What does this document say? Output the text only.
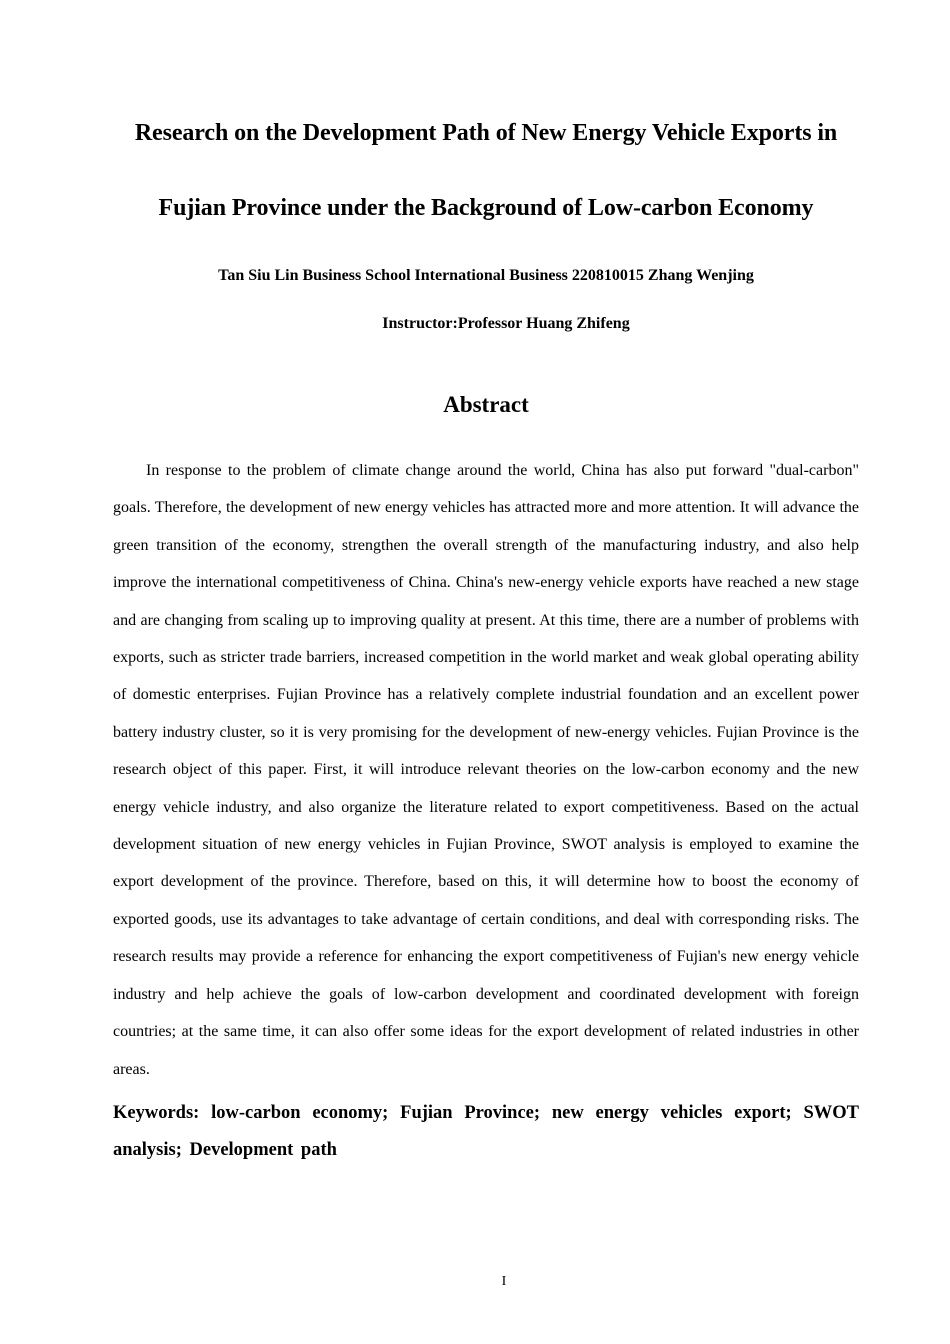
Research on the Development Path of New Energy Vehicle Exports in
Fujian Province under the Background of Low-carbon Economy

Tan Siu Lin Business School International Business 220810015 Zhang Wenjing

Instructor:Professor Huang Zhifeng

Abstract

In response to the problem of climate change around the world, China has also put forward "dual-carbon" goals. Therefore, the development of new energy vehicles has attracted more and more attention. It will advance the green transition of the economy, strengthen the overall strength of the manufacturing industry, and also help improve the international competitiveness of China. China's new-energy vehicle exports have reached a new stage and are changing from scaling up to improving quality at present. At this time, there are a number of problems with exports, such as stricter trade barriers, increased competition in the world market and weak global operating ability of domestic enterprises. Fujian Province has a relatively complete industrial foundation and an excellent power battery industry cluster, so it is very promising for the development of new-energy vehicles. Fujian Province is the research object of this paper. First, it will introduce relevant theories on the low-carbon economy and the new energy vehicle industry, and also organize the literature related to export competitiveness. Based on the actual development situation of new energy vehicles in Fujian Province, SWOT analysis is employed to examine the export development of the province. Therefore, based on this, it will determine how to boost the economy of exported goods, use its advantages to take advantage of certain conditions, and deal with corresponding risks. The research results may provide a reference for enhancing the export competitiveness of Fujian's new energy vehicle industry and help achieve the goals of low-carbon development and coordinated development with foreign countries; at the same time, it can also offer some ideas for the export development of related industries in other areas.

Keywords: low-carbon economy; Fujian Province; new energy vehicles export; SWOT analysis; Development path

I
